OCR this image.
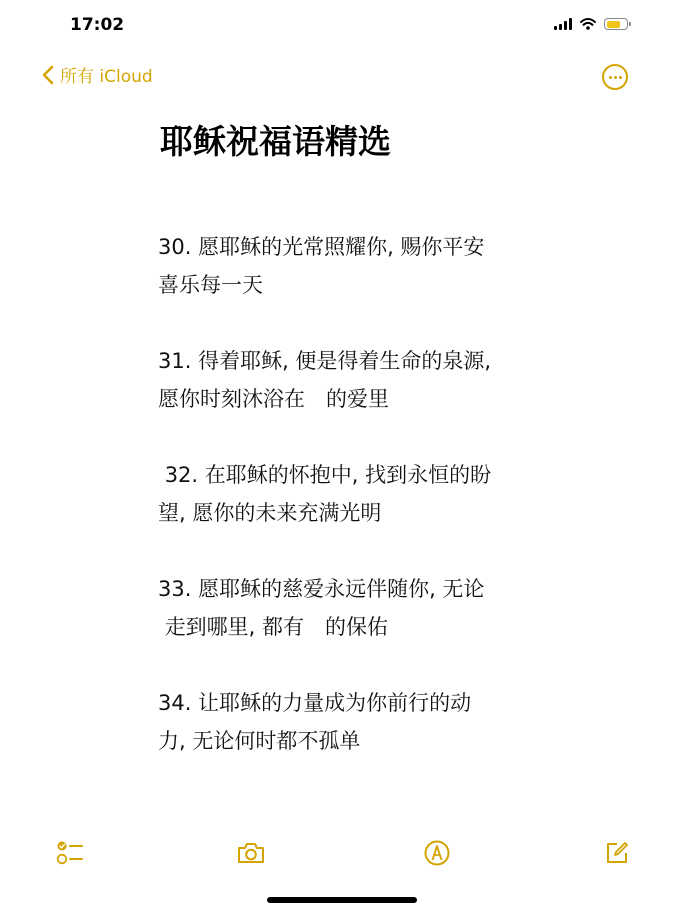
17:02
所有 iCloud
耶稣祝福语精选

30. 愿耶稣的光常照耀你, 赐你平安
喜乐每一天

31. 得着耶稣, 便是得着生命的泉源,
愿你时刻沐浴在　的爱里

32. 在耶稣的怀抱中, 找到永恒的盼
望, 愿你的未来充满光明

33. 愿耶稣的慈爱永远伴随你, 无论
走到哪里, 都有　的保佑

34. 让耶稣的力量成为你前行的动
力, 无论何时都不孤单
